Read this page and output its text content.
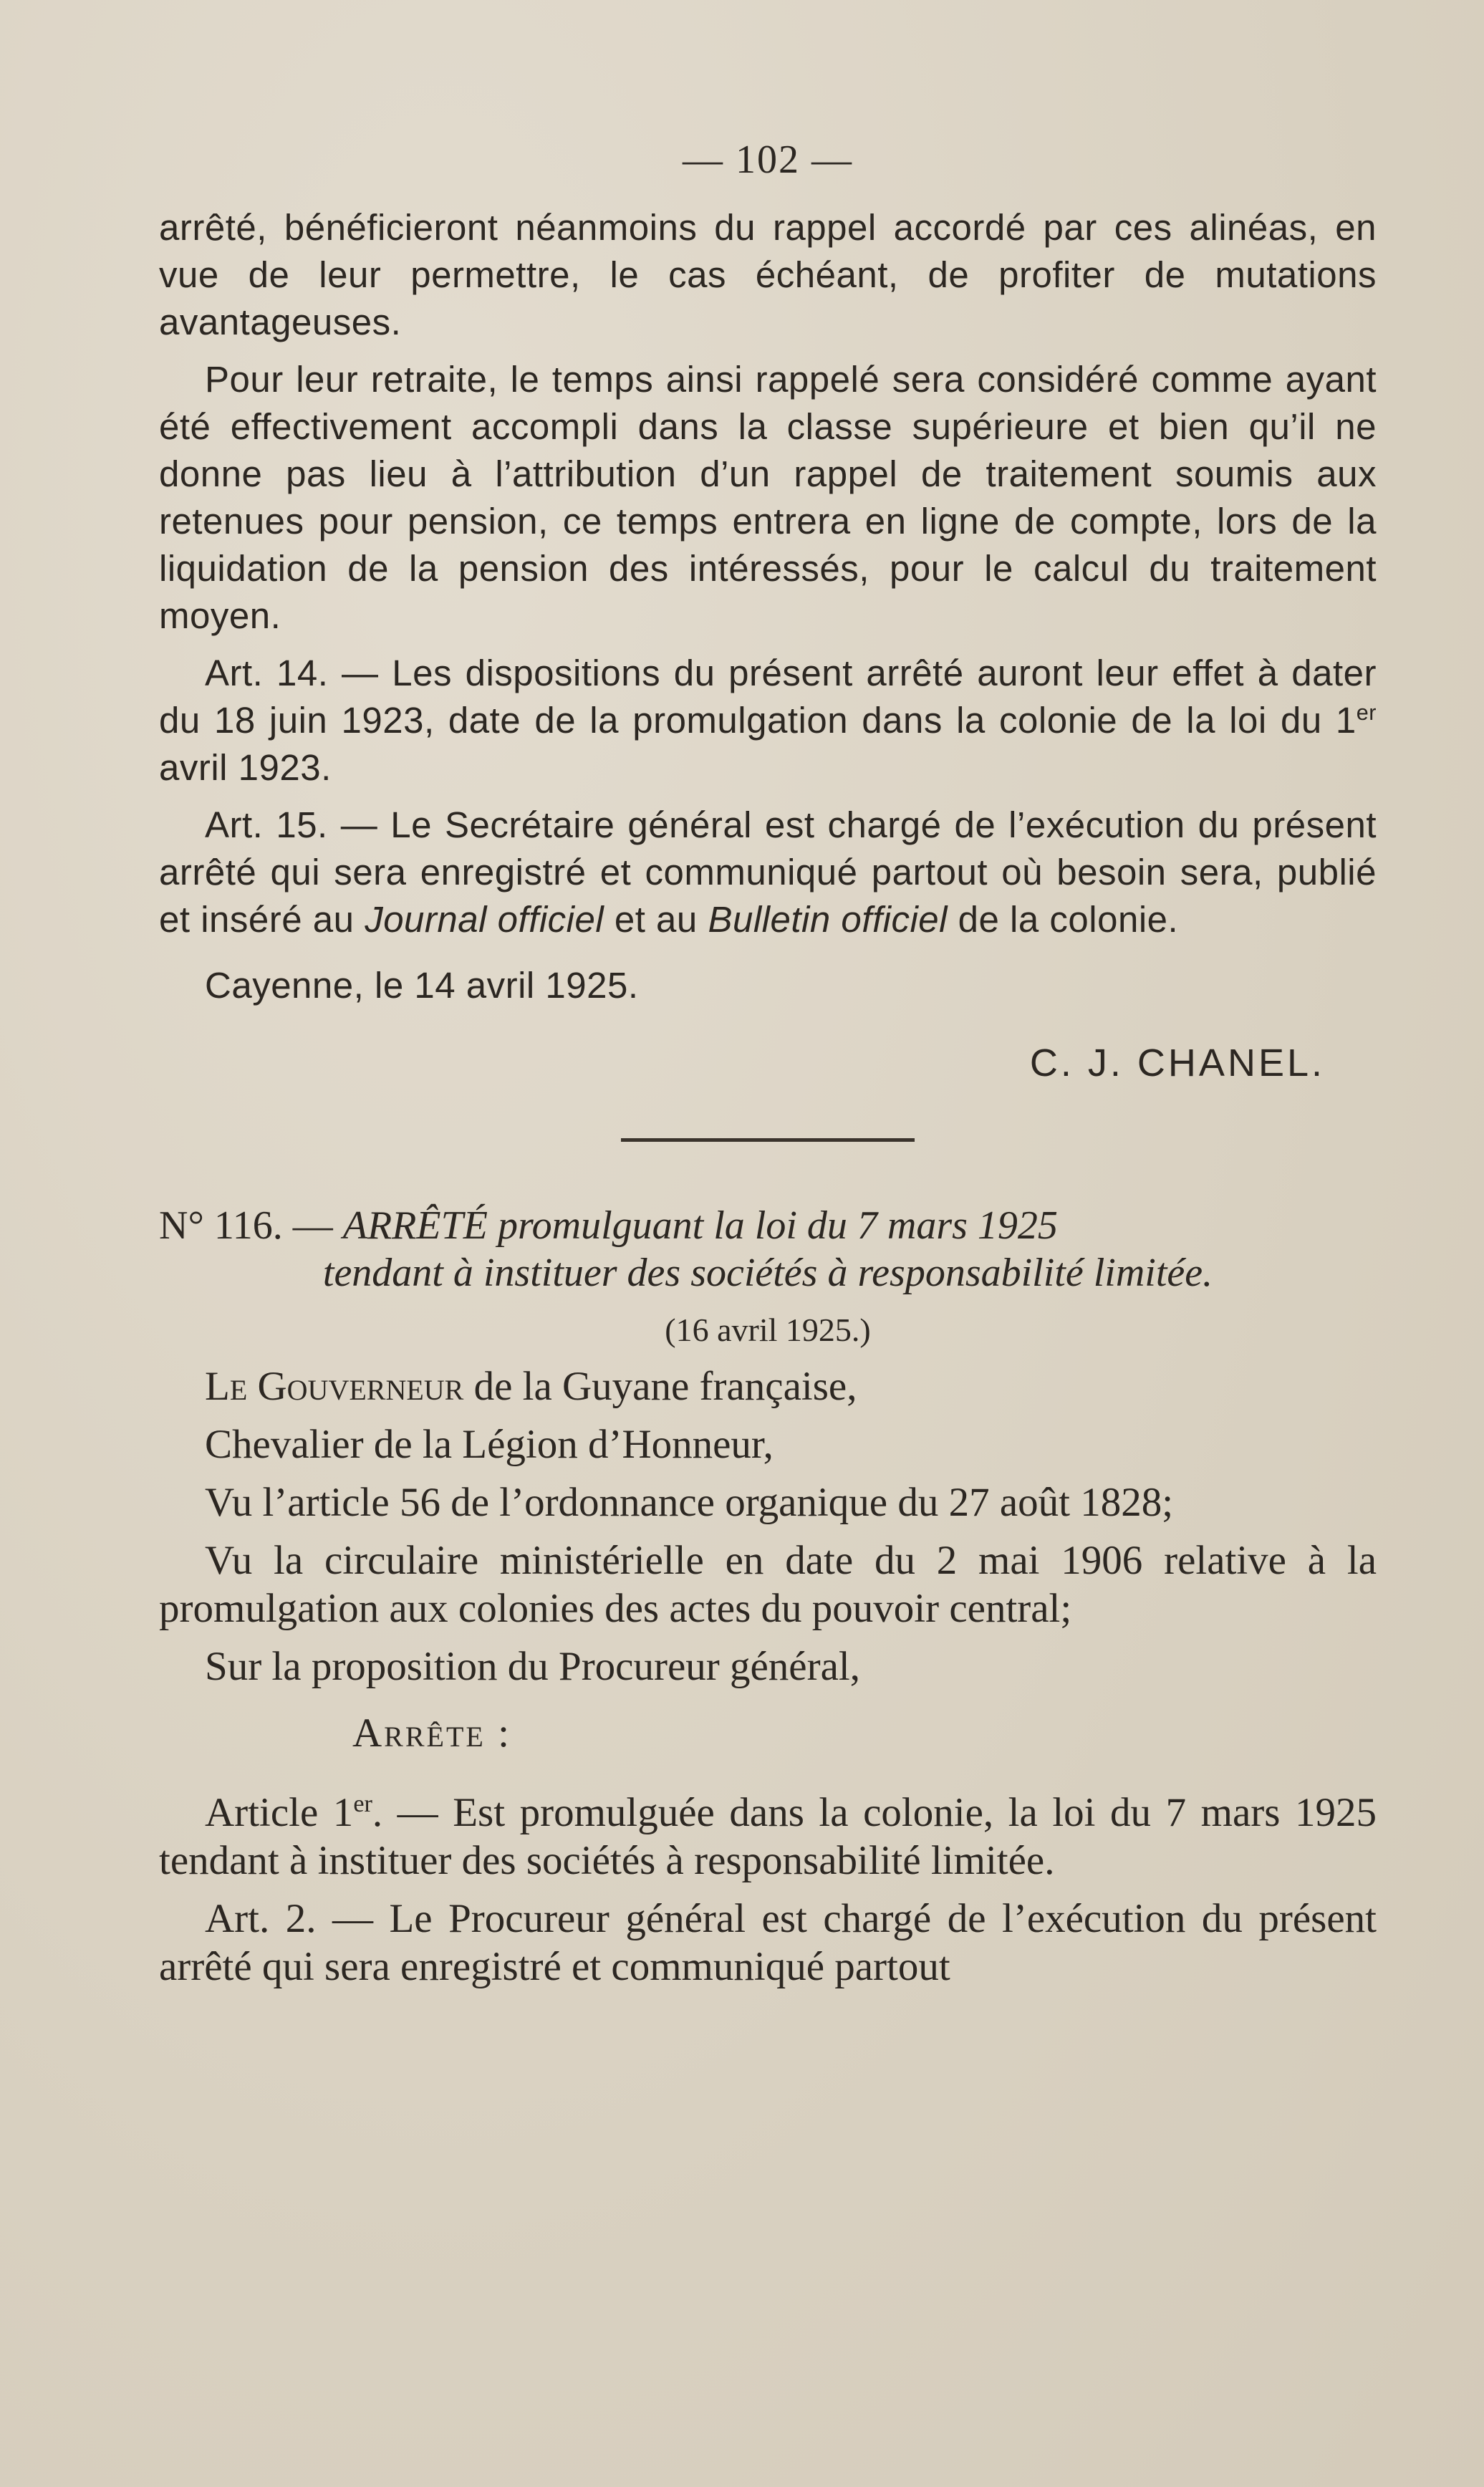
— 102 —

arrêté, bénéficieront néanmoins du rappel accordé par ces alinéas, en vue de leur permettre, le cas échéant, de profiter de mutations avantageuses.

Pour leur retraite, le temps ainsi rappelé sera considéré comme ayant été effectivement accompli dans la classe supérieure et bien qu’il ne donne pas lieu à l’attribution d’un rappel de traitement soumis aux retenues pour pension, ce temps entrera en ligne de compte, lors de la liquidation de la pension des intéressés, pour le calcul du traitement moyen.

Art. 14. — Les dispositions du présent arrêté auront leur effet à dater du 18 juin 1923, date de la promulgation dans la colonie de la loi du 1er avril 1923.

Art. 15. — Le Secrétaire général est chargé de l’exécution du présent arrêté qui sera enregistré et communiqué partout où besoin sera, publié et inséré au Journal officiel et au Bulletin officiel de la colonie.

Cayenne, le 14 avril 1925.

C. J. CHANEL.

N° 116. — ARRÊTÉ promulguant la loi du 7 mars 1925
tendant à instituer des sociétés à responsabilité limitée.

(16 avril 1925.)

Le Gouverneur de la Guyane française,

Chevalier de la Légion d’Honneur,

Vu l’article 56 de l’ordonnance organique du 27 août 1828;

Vu la circulaire ministérielle en date du 2 mai 1906 relative à la promulgation aux colonies des actes du pouvoir central;

Sur la proposition du Procureur général,

Arrête :

Article 1er. — Est promulguée dans la colonie, la loi du 7 mars 1925 tendant à instituer des sociétés à responsabilité limitée.

Art. 2. — Le Procureur général est chargé de l’exécution du présent arrêté qui sera enregistré et communiqué partout
